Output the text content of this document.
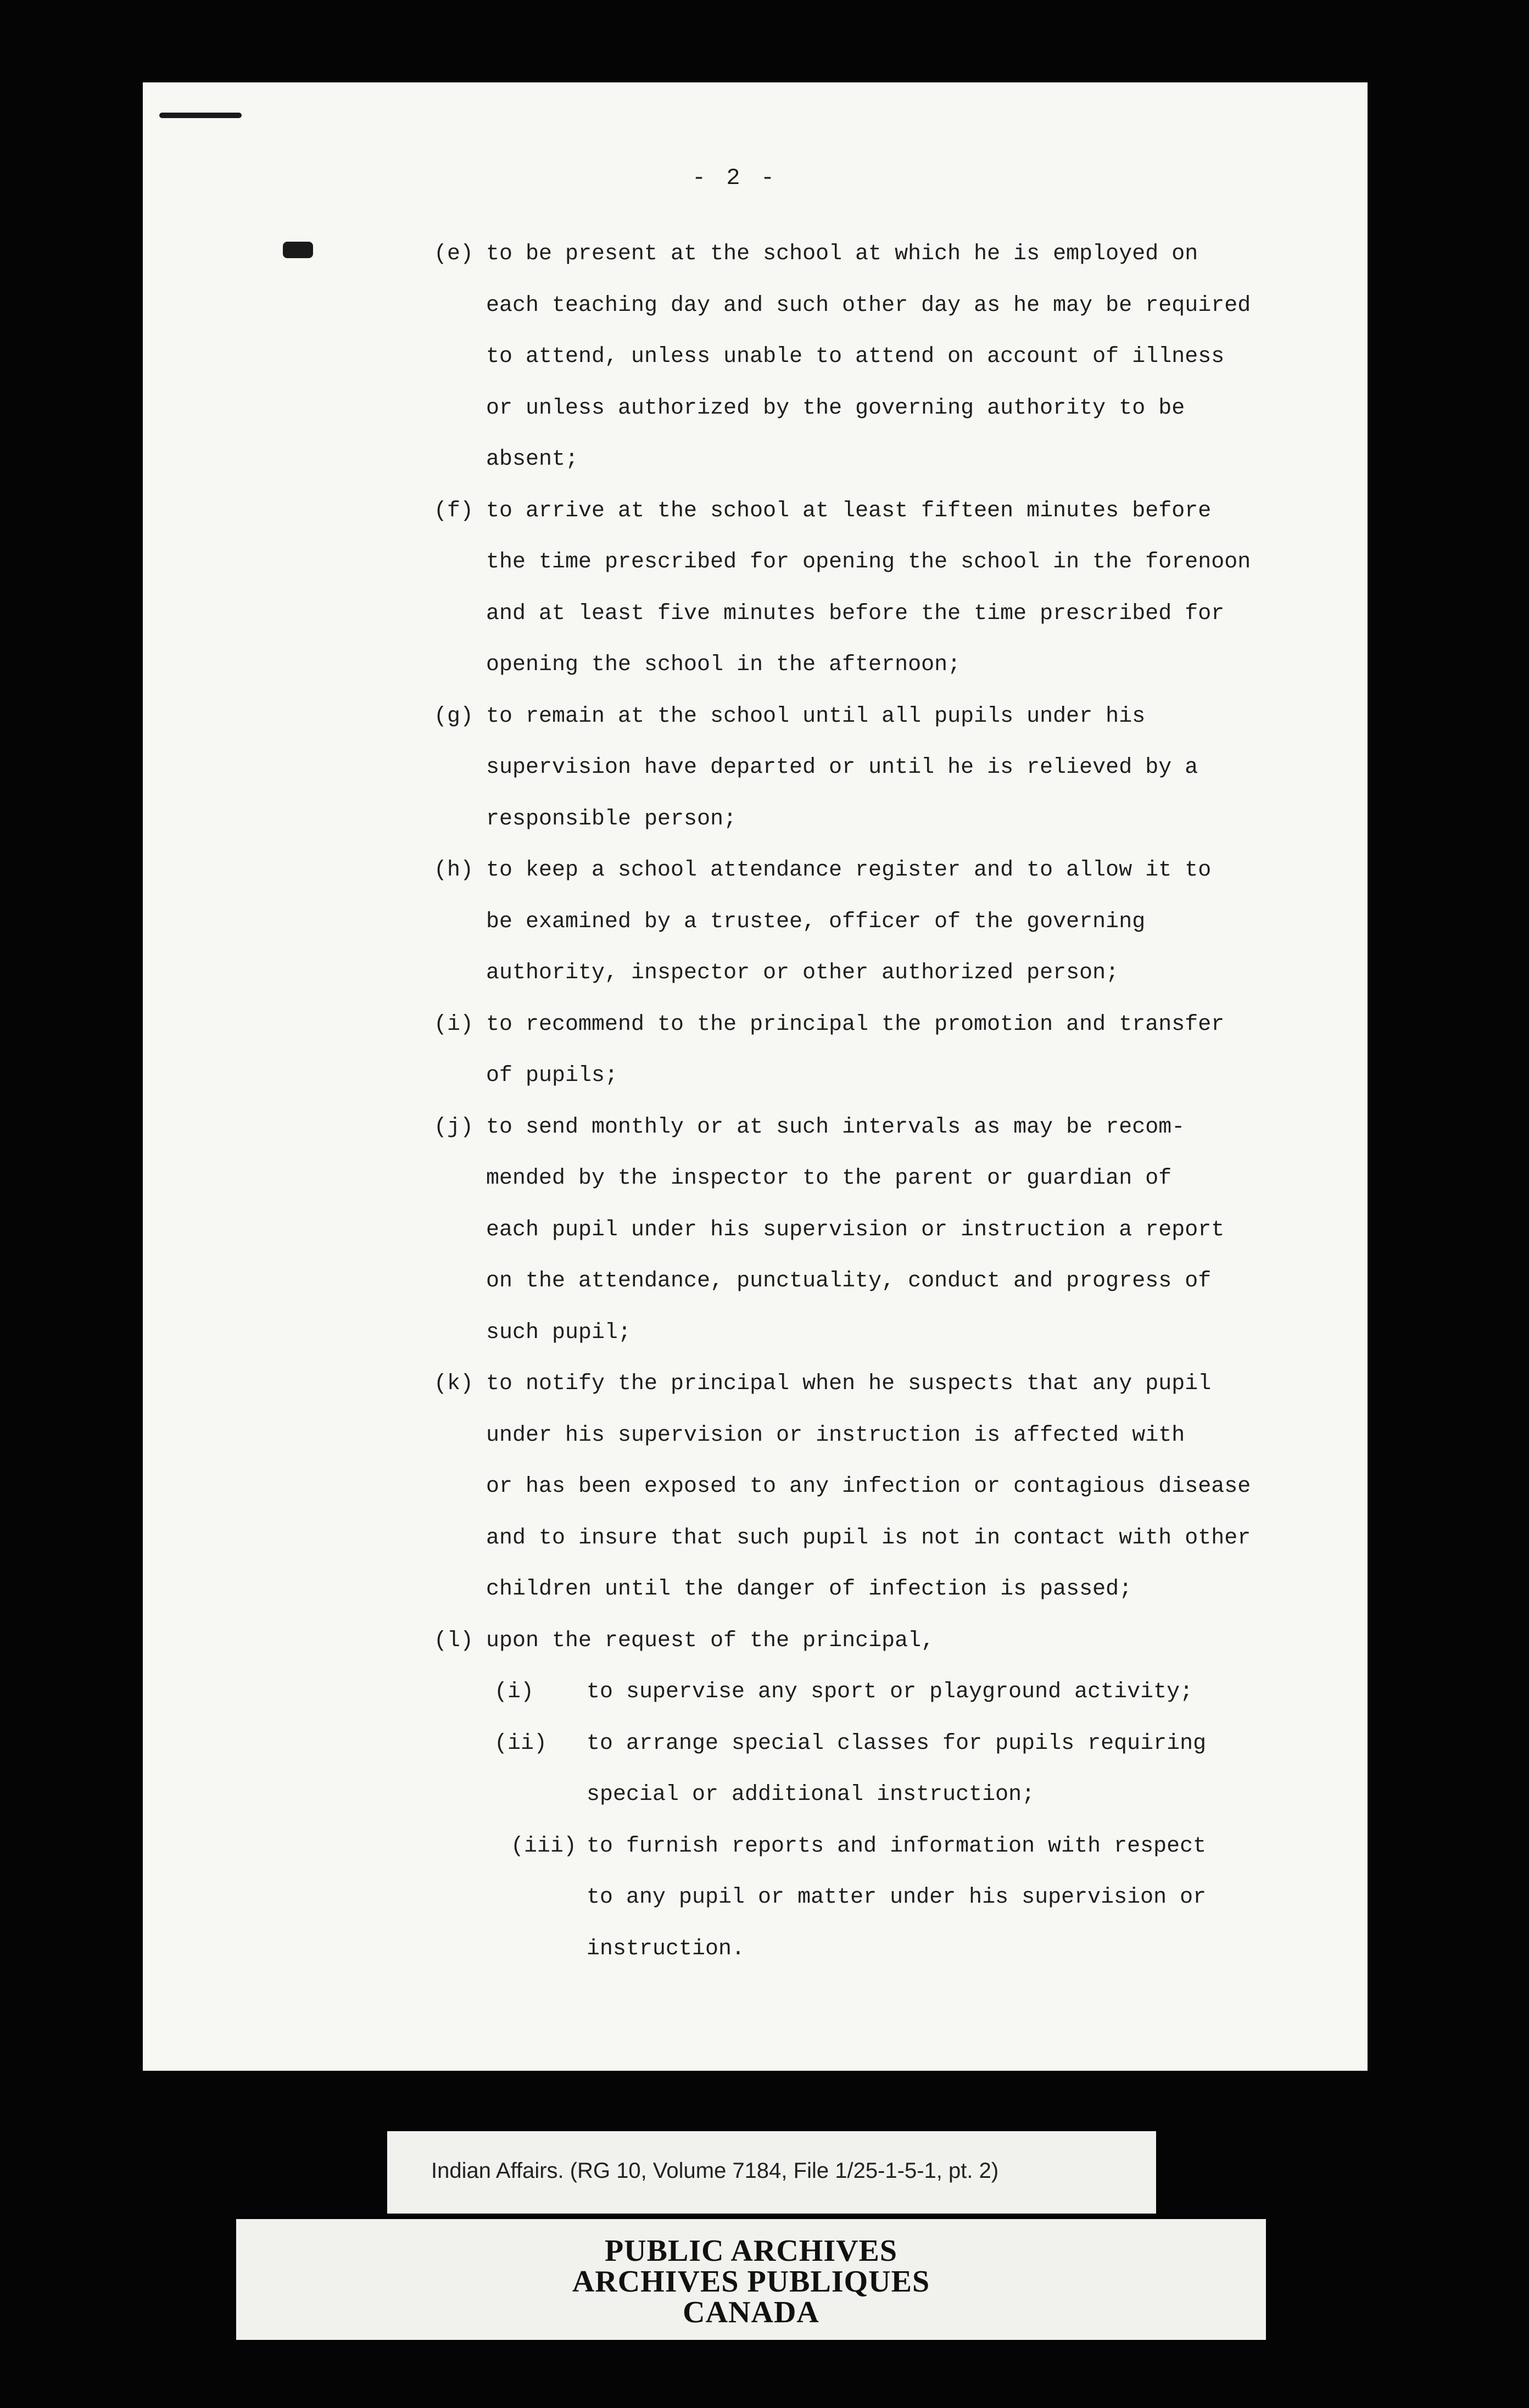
- 2 -
(e) to be present at the school at which he is employed on
each teaching day and such other day as he may be required
to attend, unless unable to attend on account of illness
or unless authorized by the governing authority to be
absent;
(f) to arrive at the school at least fifteen minutes before
the time prescribed for opening the school in the forenoon
and at least five minutes before the time prescribed for
opening the school in the afternoon;
(g) to remain at the school until all pupils under his
supervision have departed or until he is relieved by a
responsible person;
(h) to keep a school attendance register and to allow it to
be examined by a trustee, officer of the governing
authority, inspector or other authorized person;
(i) to recommend to the principal the promotion and transfer
of pupils;
(j) to send monthly or at such intervals as may be recom-
mended by the inspector to the parent or guardian of
each pupil under his supervision or instruction a report
on the attendance, punctuality, conduct and progress of
such pupil;
(k) to notify the principal when he suspects that any pupil
under his supervision or instruction is affected with
or has been exposed to any infection or contagious disease
and to insure that such pupil is not in contact with other
children until the danger of infection is passed;
(l) upon the request of the principal,
(i) to supervise any sport or playground activity;
(ii) to arrange special classes for pupils requiring
special or additional instruction;
(iii) to furnish reports and information with respect
to any pupil or matter under his supervision or
instruction.
Indian Affairs. (RG 10, Volume 7184, File 1/25-1-5-1, pt. 2)
PUBLIC ARCHIVES
ARCHIVES PUBLIQUES
CANADA
